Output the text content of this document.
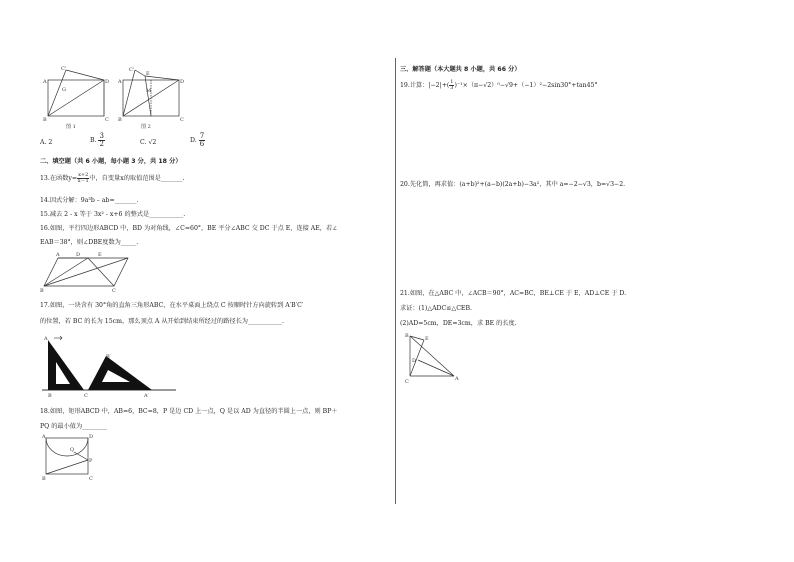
C'
A	D
B	C
G
图 1
C'
E
A	D
B	C
M
图 2
A. 2	B. $\frac{3}{2}$	C. √2	D. $\frac{7}{6}$
二、填空题（共 6 小题，每小题 3 分，共 18 分）
13.在函数$y= \frac{x+2}{x-1}$ 中，自变量x的取值范围是_______.
14.因式分解：9a³b – ab=_______.
15.减去 2 - x 等于 3x² - x+6 的整式是___________.
16.如图，平行四边形ABCD 中，BD 为对角线，∠C=60°，BE 平分∠ABC 交 DC 于点 E，连接 AE，若∠
EAB＝38°，则∠DBE度数为_____.
A	D	E
B	C
17.如图，一块含有 30°角的直角三角形ABC，在水平桌面上绕点 C 按顺时针方向旋转到 A′B′C′
的位置，若 BC 的长为 15cm，那么顶点 A 从开始到结束所经过的路径长为___________.
A
B′
B	C	A′
18.如图，矩形ABCD 中，AB=6，BC=8，P 是边 CD 上一点，Q 是以 AD 为直径的半圆上一点，则 BP＋
PQ 的最小值为________
A	D
Q
P
B	C
三、解答题（本大题共 8 小题，共 66 分）
19.计算：$|-2|+( \frac{1}{3} )^{-1}\times(\pi-√2)^0-√9+(-1)^2-2\sin 30^\circ+\tan 45^\circ$
20.先化简，再求值：(a+b)²+(a−b)(2a+b)−3a²，其中 a=−2−√3，b=√3−2.
21.如图，在△ABC 中，∠ACB＝90°，AC=BC，BE⊥CE 于 E，AD⊥CE 于 D.
求证：(1)△ADC≌△CEB.
(2)AD=5cm，DE=3cm，求 BE 的长度.
B	E
D
C	A
